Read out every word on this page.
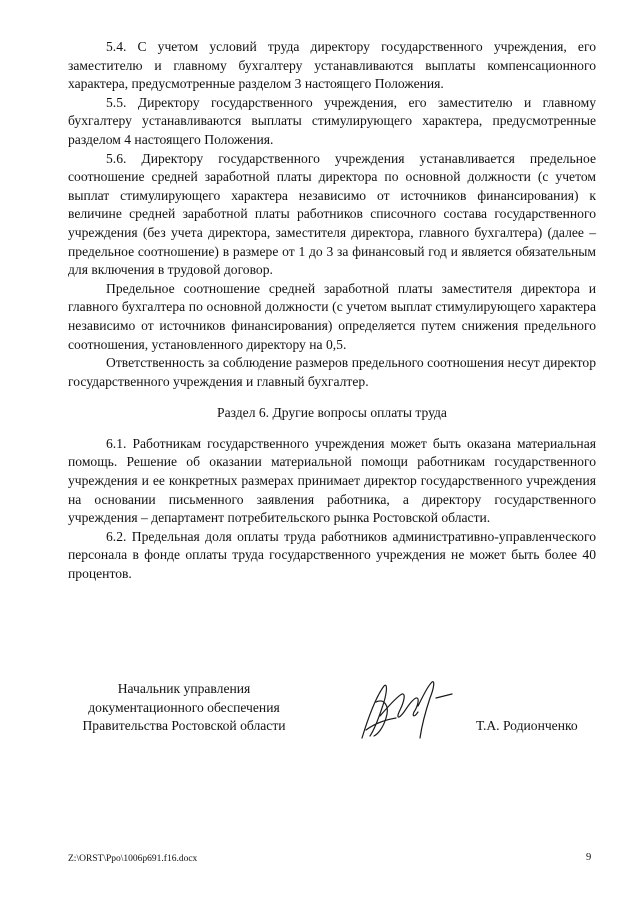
5.4. С учетом условий труда директору государственного учреждения, его заместителю и главному бухгалтеру устанавливаются выплаты компенсационного характера, предусмотренные разделом 3 настоящего Положения.

5.5. Директору государственного учреждения, его заместителю и главному бухгалтеру устанавливаются выплаты стимулирующего характера, предусмотренные разделом 4 настоящего Положения.

5.6. Директору государственного учреждения устанавливается предельное соотношение средней заработной платы директора по основной должности (с учетом выплат стимулирующего характера независимо от источников финансирования) к величине средней заработной платы работников списочного состава государственного учреждения (без учета директора, заместителя директора, главного бухгалтера) (далее – предельное соотношение) в размере от 1 до 3 за финансовый год и является обязательным для включения в трудовой договор.

Предельное соотношение средней заработной платы заместителя директора и главного бухгалтера по основной должности (с учетом выплат стимулирующего характера независимо от источников финансирования) определяется путем снижения предельного соотношения, установленного директору на 0,5.

Ответственность за соблюдение размеров предельного соотношения несут директор государственного учреждения и главный бухгалтер.

Раздел 6. Другие вопросы оплаты труда

6.1. Работникам государственного учреждения может быть оказана материальная помощь. Решение об оказании материальной помощи работникам государственного учреждения и ее конкретных размерах принимает директор государственного учреждения на основании письменного заявления работника, а директору государственного учреждения – департамент потребительского рынка Ростовской области.

6.2. Предельная доля оплаты труда работников административно-управленческого персонала в фонде оплаты труда государственного учреждения не может быть более 40 процентов.

Начальник управления
документационного обеспечения
Правительства Ростовской области	Т.А. Родионченко
Z:\ORST\Ppo\1006p691.f16.docx	9
